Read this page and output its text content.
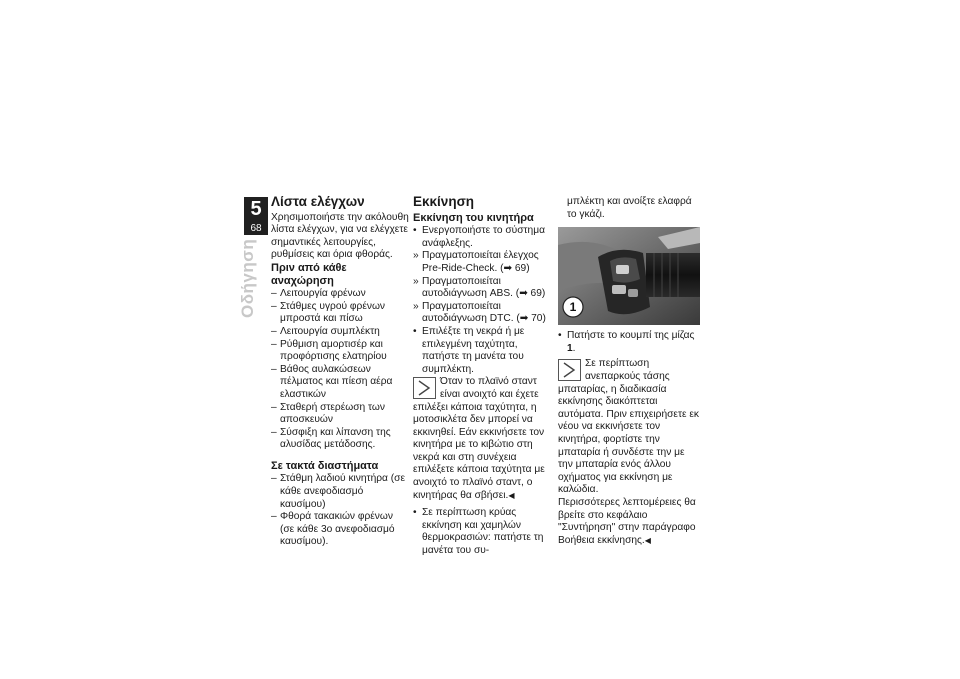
5
68
Οδήγηση
Λίστα ελέγχων

Χρησιμοποιήστε την ακόλουθη λίστα ελέγχων, για να ελέγχετε σημαντικές λειτουργίες, ρυθμίσεις και όρια φθοράς.

Πριν από κάθε αναχώρηση
– Λειτουργία φρένων
– Στάθμες υγρού φρένων μπροστά και πίσω
– Λειτουργία συμπλέκτη
– Ρύθμιση αμορτισέρ και προφόρτισης ελατηρίου
– Βάθος αυλακώσεων πέλματος και πίεση αέρα ελαστικών
– Σταθερή στερέωση των αποσκευών
– Σύσφιξη και λίπανση της αλυσίδας μετάδοσης.
Σε τακτά διαστήματα
– Στάθμη λαδιού κινητήρα (σε κάθε ανεφοδιασμό καυσίμου)
– Φθορά τακακιών φρένων (σε κάθε 3ο ανεφοδιασμό καυσίμου).
Εκκίνηση
Εκκίνηση του κινητήρα
• Ενεργοποιήστε το σύστημα ανάφλεξης.
» Πραγματοποιείται έλεγχος Pre-Ride-Check. (➡ 69)
» Πραγματοποιείται αυτοδιάγνωση ABS. (➡ 69)
» Πραγματοποιείται αυτοδιάγνωση DTC. (➡ 70)
• Επιλέξτε τη νεκρά ή με επιλεγμένη ταχύτητα, πατήστε τη μανέτα του συμπλέκτη.
Όταν το πλαϊνό σταντ είναι ανοιχτό και έχετε επιλέξει κάποια ταχύτητα, η μοτοσικλέτα δεν μπορεί να εκκινηθεί. Εάν εκκινήσετε τον κινητήρα με το κιβώτιο στη νεκρά και στη συνέχεια επιλέξετε κάποια ταχύτητα με ανοιχτό το πλαϊνό σταντ, ο κινητήρας θα σβήσει.◀
• Σε περίπτωση κρύας εκκίνηση και χαμηλών θερμοκρασιών: πατήστε τη μανέτα του συ-

μπλέκτη και ανοίξτε ελαφρά το γκάζι.

1
• Πατήστε το κουμπί της μίζας 1.
Σε περίπτωση ανεπαρκούς τάσης μπαταρίας, η διαδικασία εκκίνησης διακόπτεται αυτόματα. Πριν επιχειρήσετε εκ νέου να εκκινήσετε τον κινητήρα, φορτίστε την μπαταρία ή συνδέστε την με την μπαταρία ενός άλλου οχήματος για εκκίνηση με καλώδια.

Περισσότερες λεπτομέρειες θα βρείτε στο κεφάλαιο "Συντήρηση" στην παράγραφο Βοήθεια εκκίνησης.◀
